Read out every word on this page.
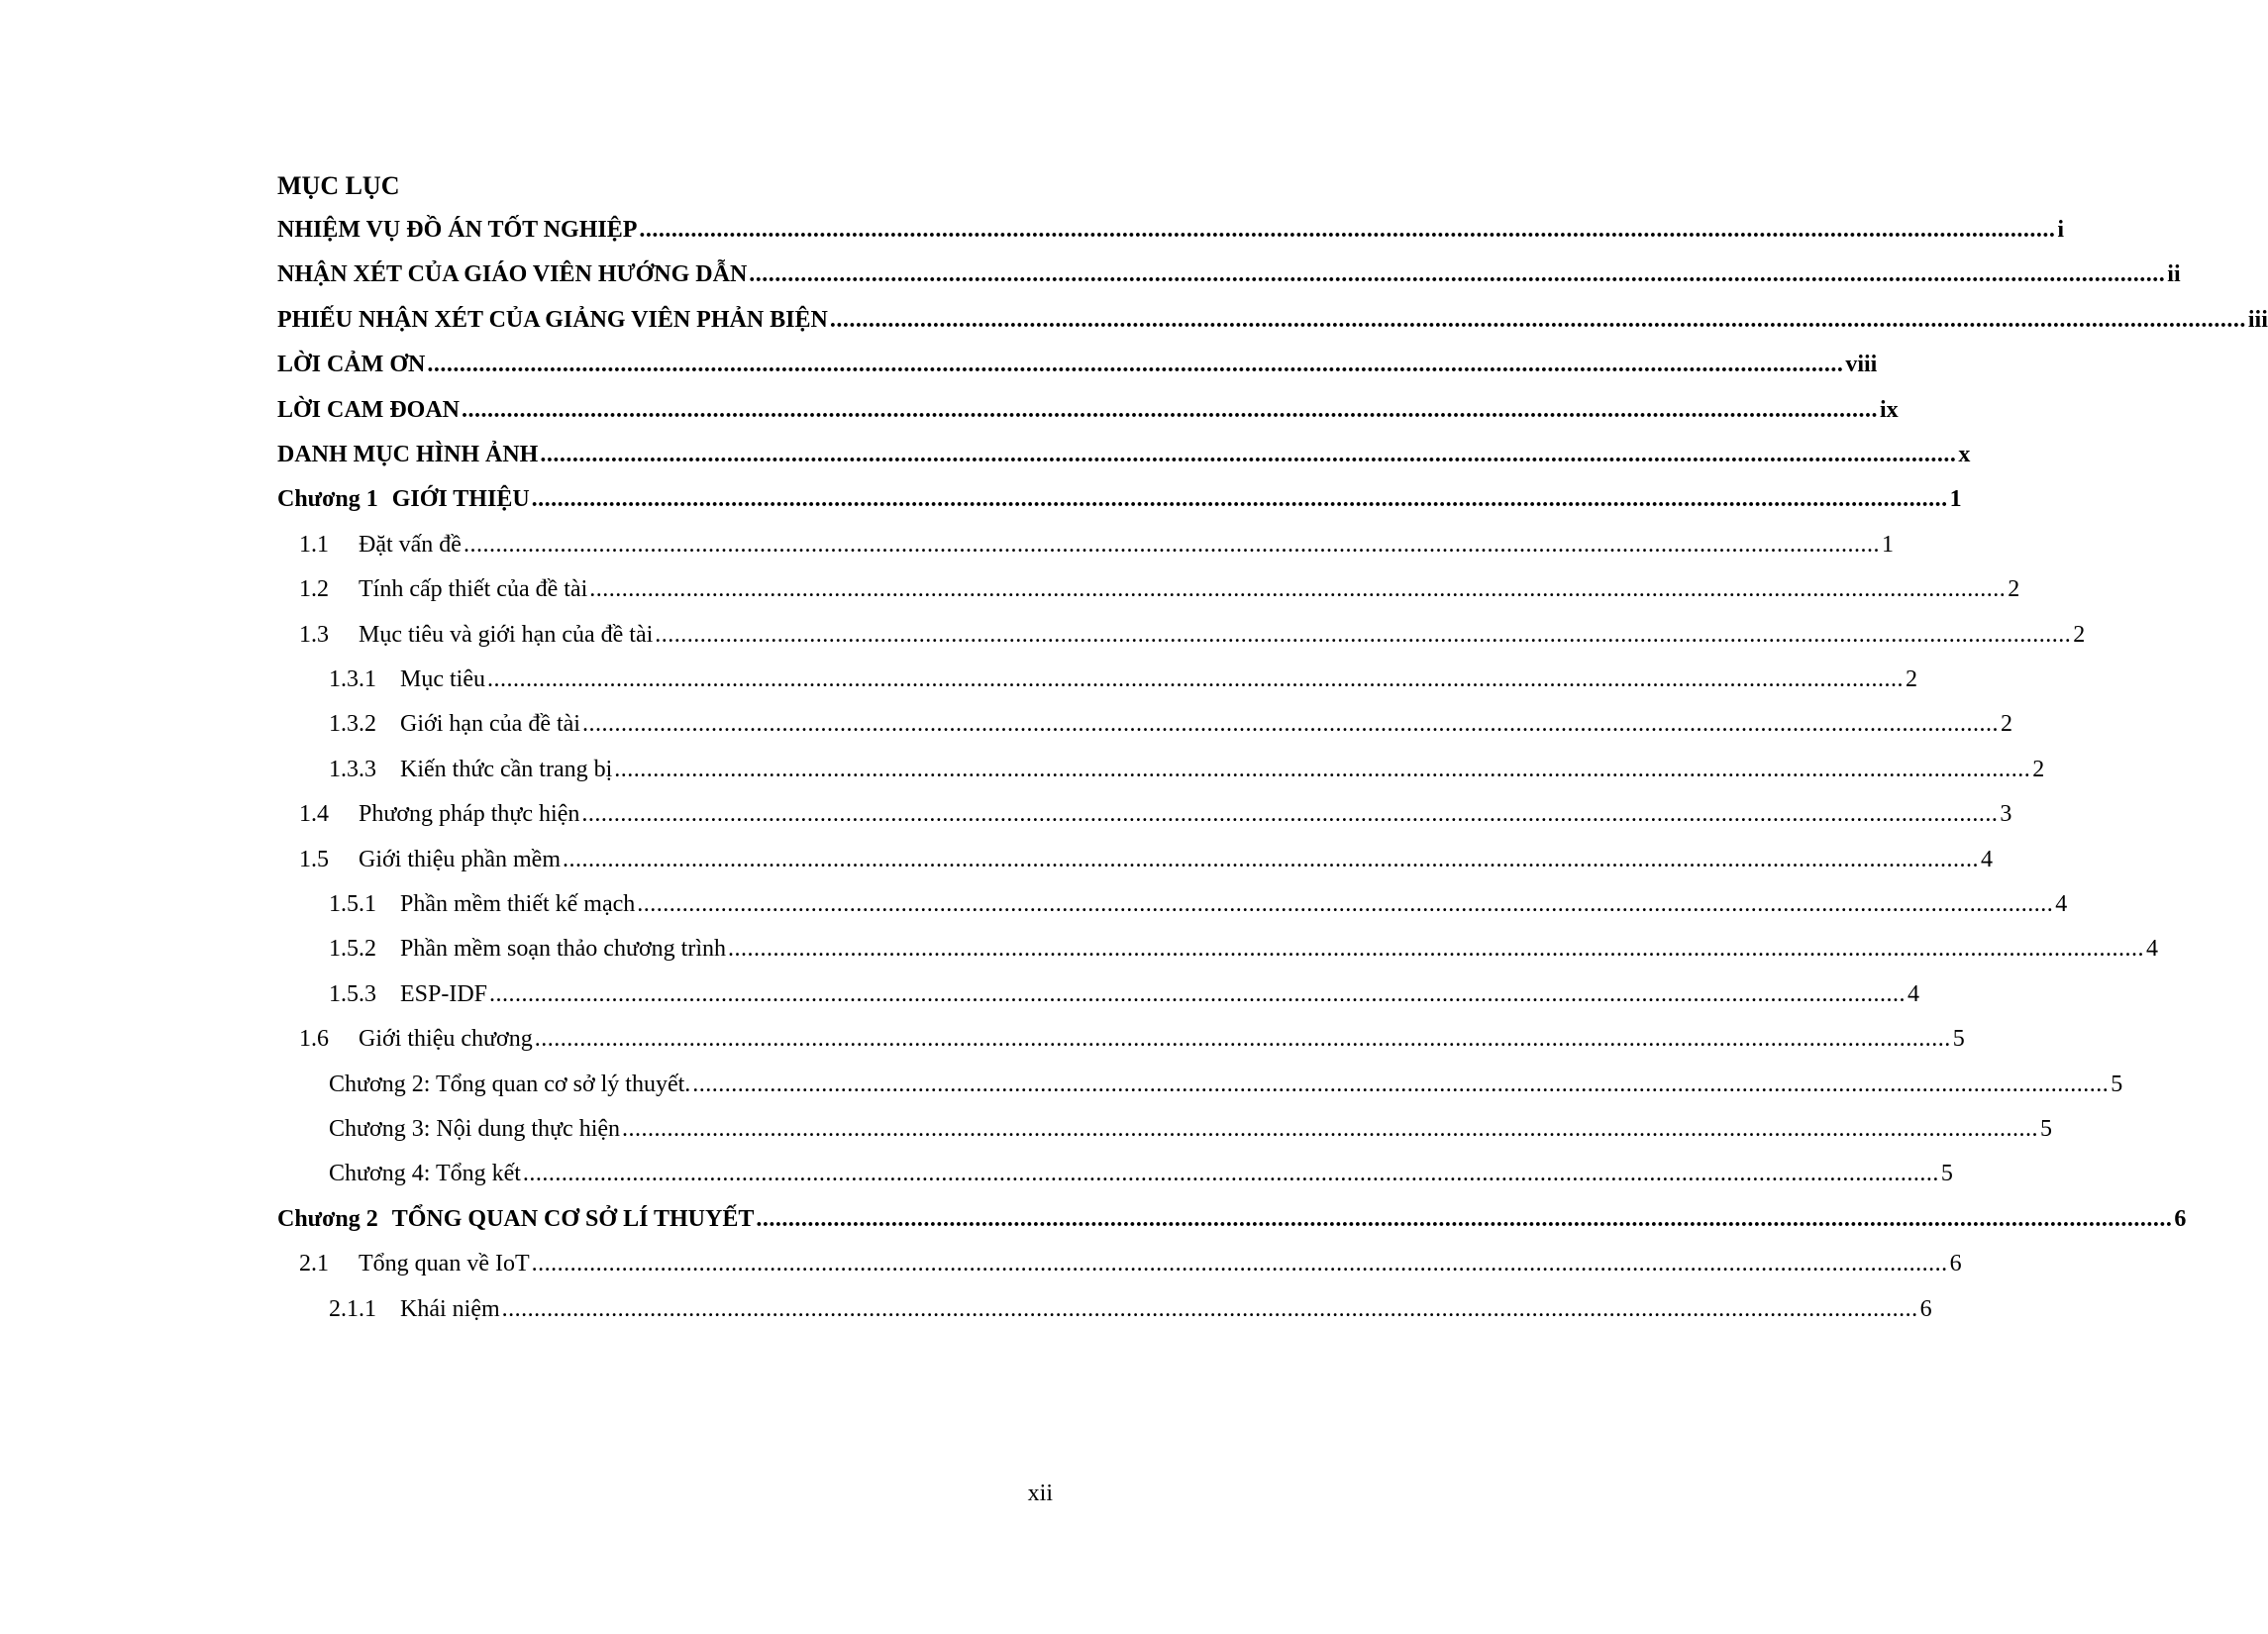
MỤC LỤC
NHIỆM VỤ ĐỒ ÁN TỐT NGHIỆP ............................................................................................................................................................................................................................ i
NHẬN XÉT CỦA GIÁO VIÊN HƯỚNG DẪN ............................................................................................................................................................................................................................ ii
PHIẾU NHẬN XÉT CỦA GIẢNG VIÊN PHẢN BIỆN ............................................................................................................................................................................................................................ iii
LỜI CẢM ƠN ............................................................................................................................................................................................................................ viii
LỜI CAM ĐOAN ............................................................................................................................................................................................................................ ix
DANH MỤC HÌNH ẢNH ............................................................................................................................................................................................................................ x
Chương 1 GIỚI THIỆU ............................................................................................................................................................................................................................ 1
1.1	Đặt vấn đề ............................................................................................................................................................................................................................ 1
1.2	Tính cấp thiết của đề tài ............................................................................................................................................................................................................................ 2
1.3	Mục tiêu và giới hạn của đề tài ............................................................................................................................................................................................................................ 2
1.3.1	Mục tiêu ............................................................................................................................................................................................................................ 2
1.3.2	Giới hạn của đề tài ............................................................................................................................................................................................................................ 2
1.3.3	Kiến thức cần trang bị ............................................................................................................................................................................................................................ 2
1.4	Phương pháp thực hiện ............................................................................................................................................................................................................................ 3
1.5	Giới thiệu phần mềm ............................................................................................................................................................................................................................ 4
1.5.1	Phần mềm thiết kế mạch ............................................................................................................................................................................................................................ 4
1.5.2	Phần mềm soạn thảo chương trình ............................................................................................................................................................................................................................ 4
1.5.3	ESP-IDF ............................................................................................................................................................................................................................ 4
1.6	Giới thiệu chương ............................................................................................................................................................................................................................ 5
Chương 2: Tổng quan cơ sở lý thuyết. ............................................................................................................................................................................................................................ 5
Chương 3: Nội dung thực hiện ............................................................................................................................................................................................................................ 5
Chương 4: Tổng kết ............................................................................................................................................................................................................................ 5
Chương 2 TỔNG QUAN CƠ SỞ LÍ THUYẾT ............................................................................................................................................................................................................................ 6
2.1	Tổng quan về IoT ............................................................................................................................................................................................................................ 6
2.1.1	Khái niệm ............................................................................................................................................................................................................................ 6
xii
